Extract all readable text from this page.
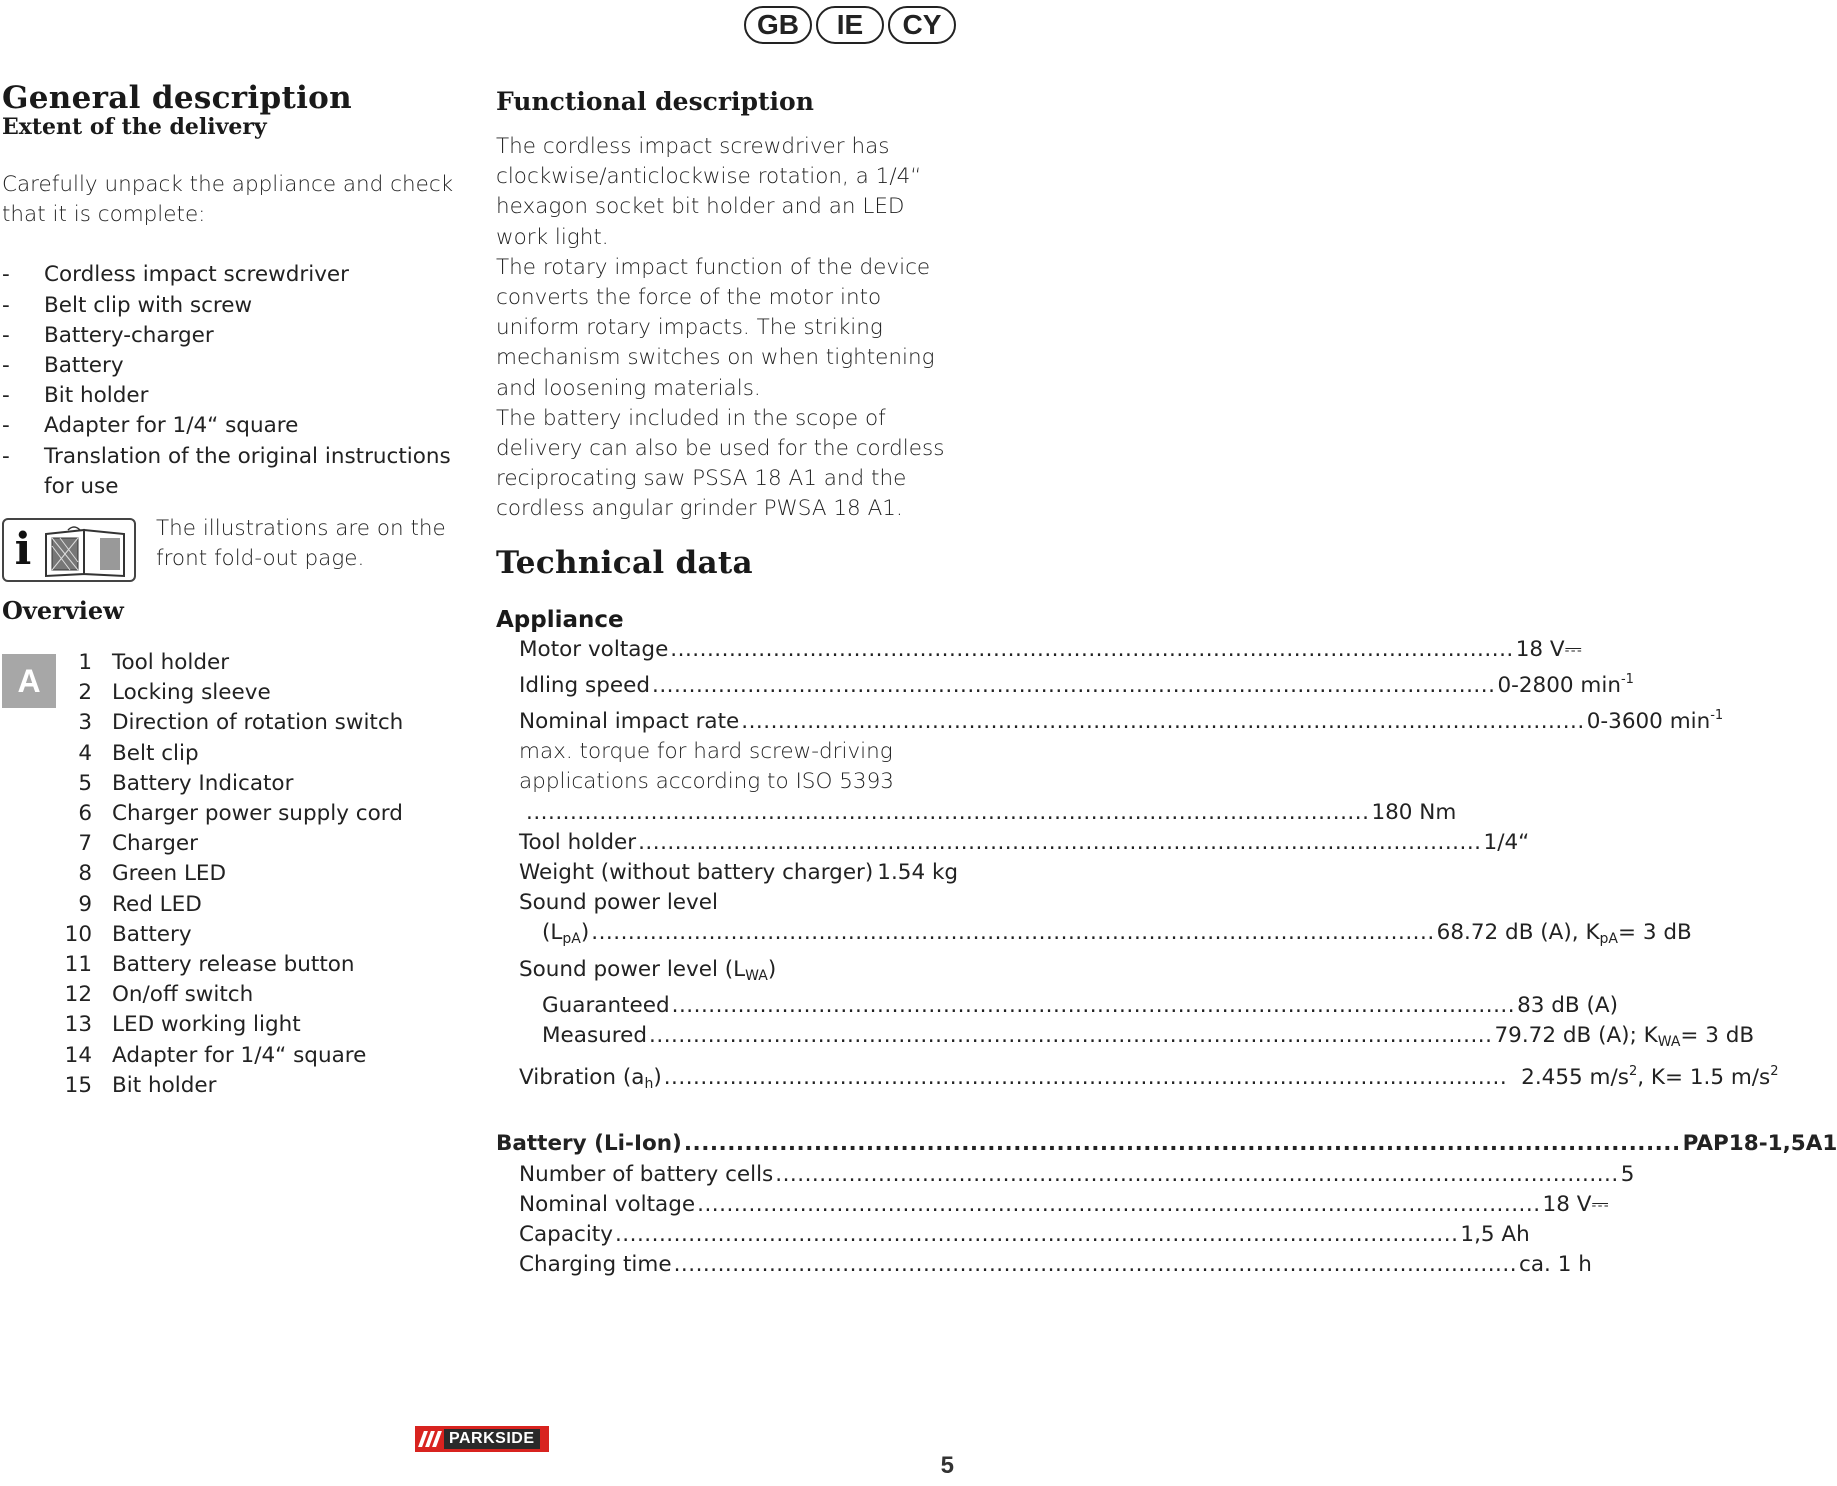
GB	IE	CY
General description
Extent of the delivery
Carefully unpack the appliance and check that it is complete:
-	Cordless impact screwdriver
-	Belt clip with screw
-	Battery-charger
-	Battery
-	Bit holder
-	Adapter for 1/4“ square
-	Translation of the original instructions for use
i	The illustrations are on the front fold-out page.
Overview
A	1 Tool holder
2 Locking sleeve
3 Direction of rotation switch
4 Belt clip
5 Battery Indicator
6 Charger power supply cord
7 Charger
8 Green LED
9 Red LED
10 Battery
11 Battery release button
12 On/off switch
13 LED working light
14 Adapter for 1/4“ square
15 Bit holder
Functional description
The cordless impact screwdriver has clockwise/anticlockwise rotation, a 1/4“ hexagon socket bit holder and an LED work light.
The rotary impact function of the device converts the force of the motor into uniform rotary impacts. The striking mechanism switches on when tightening and loosening materials.
The battery included in the scope of delivery can also be used for the cordless reciprocating saw PSSA 18 A1 and the cordless angular grinder PWSA 18 A1.
Technical data
Appliance
Motor voltage .....	18 V⎓
Idling speed .....	0-2800 $\min^{-1}$
Nominal impact rate .....	0-3600 $\min^{-1}$
max. torque for hard screw-driving applications according to ISO 5393
.....
180 Nm
Tool holder .....	1/4“
Weight (without battery charger) 1.54 kg
Sound power level
$(L_{pA})$ .....	68.72 dB (A), $K_{pA}= 3$ dB
Sound power level $(L_{WA})$
Guaranteed .....	83 dB (A)
Measured .....	79.72 dB (A); $K_{WA}= 3$ dB
Vibration $(a_h)$ .....	2.455 $m/s^2$, K= 1.5 $m/s^2$
Battery (Li-Ion) .....	PAP18-1,5A1
Number of battery cells .....	5
Nominal voltage .....	18 V⎓
Capacity .....	1,5 Ah
Charging time .....	ca. 1 h
PARKSIDE
5
